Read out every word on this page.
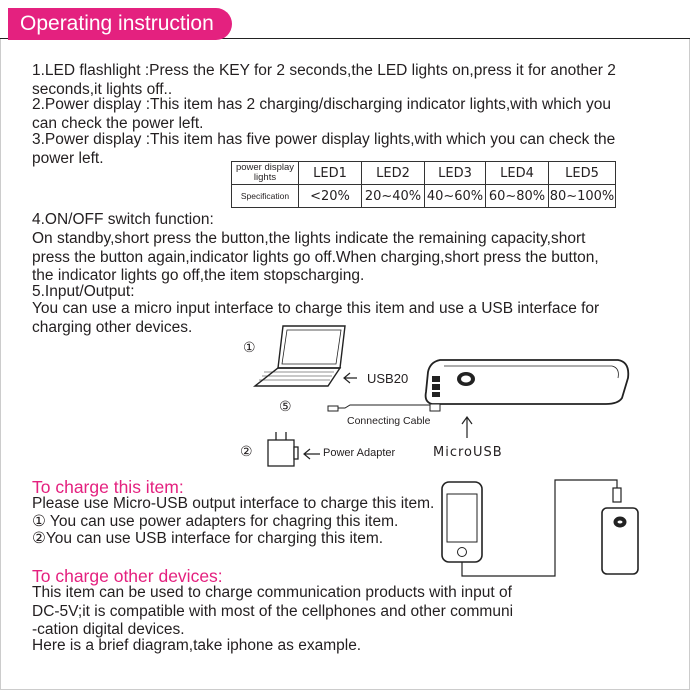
Operating instruction
1.LED flashlight :Press the KEY for 2 seconds,the LED lights on,press it for another 2 seconds,it lights off..
2.Power display :This item has 2 charging/discharging indicator lights,with which you can check the power left.
3.Power display :This item has five power display lights,with which you can check the power left.
power display lights	LED1	LED2	LED3	LED4	LED5
Specification	<20%	20~40%	40~60%	60~80%	80~100%
4.ON/OFF switch function:
On standby,short press the button,the lights indicate the remaining capacity,short press the button again,indicator lights go off.When charging,short press the button, the indicator lights go off,the item stopscharging.
5.Input/Output:
You can use a micro input interface to charge this item and use a USB interface for charging other devices.
①
USB20
⑤
Connecting Cable
②	Power Adapter	MicroUSB
To charge this item:
Please use Micro-USB output interface to charge this item.
① You can use power adapters for chagring this item.
②You can use USB interface for charging this item.
To charge other devices:
This item can be used to charge communication products with input of DC-5V;it is compatible with most of the cellphones and other communi -cation digital devices.
Here is a brief diagram,take iphone as example.
